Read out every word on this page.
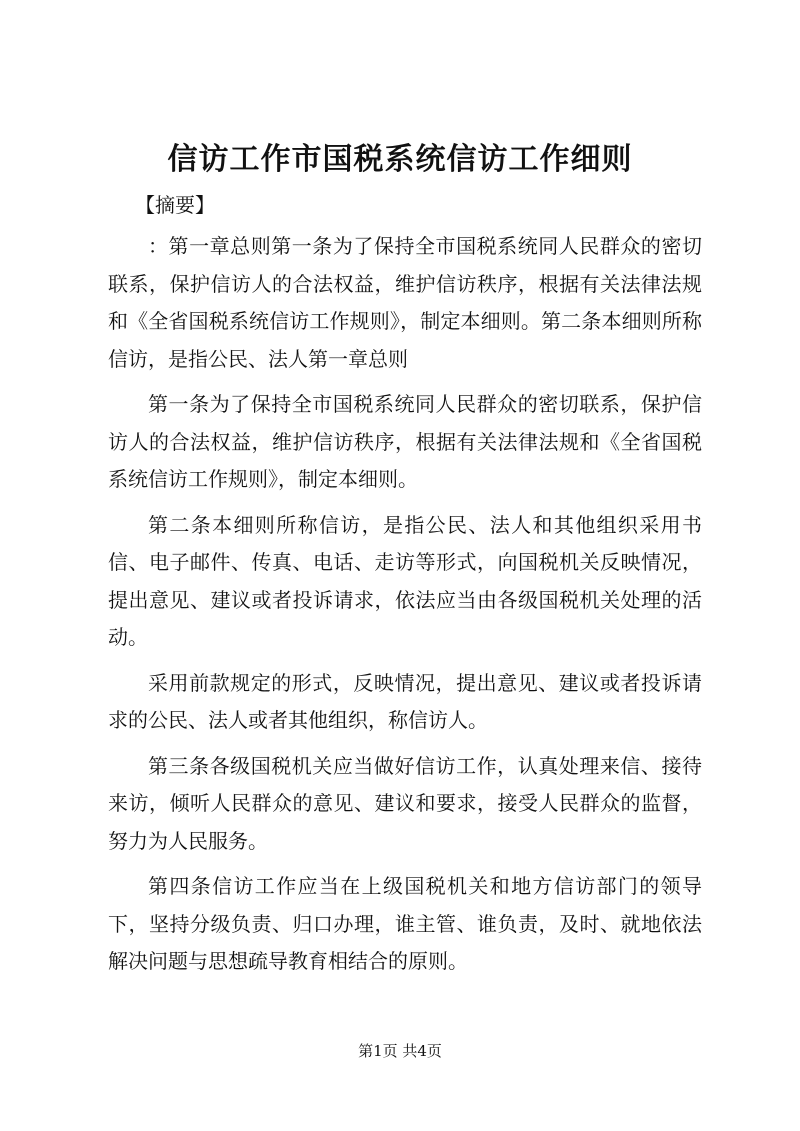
信访工作市国税系统信访工作细则
【摘要】

：第一章总则第一条为了保持全市国税系统同人民群众的密切联系，保护信访人的合法权益，维护信访秩序，根据有关法律法规和《全省国税系统信访工作规则》，制定本细则。第二条本细则所称信访，是指公民、法人第一章总则

第一条为了保持全市国税系统同人民群众的密切联系，保护信访人的合法权益，维护信访秩序，根据有关法律法规和《全省国税系统信访工作规则》，制定本细则。

第二条本细则所称信访，是指公民、法人和其他组织采用书信、电子邮件、传真、电话、走访等形式，向国税机关反映情况，提出意见、建议或者投诉请求，依法应当由各级国税机关处理的活动。

采用前款规定的形式，反映情况，提出意见、建议或者投诉请求的公民、法人或者其他组织，称信访人。

第三条各级国税机关应当做好信访工作，认真处理来信、接待来访，倾听人民群众的意见、建议和要求，接受人民群众的监督，努力为人民服务。

第四条信访工作应当在上级国税机关和地方信访部门的领导下，坚持分级负责、归口办理，谁主管、谁负责，及时、就地依法解决问题与思想疏导教育相结合的原则。

第1页 共4页
